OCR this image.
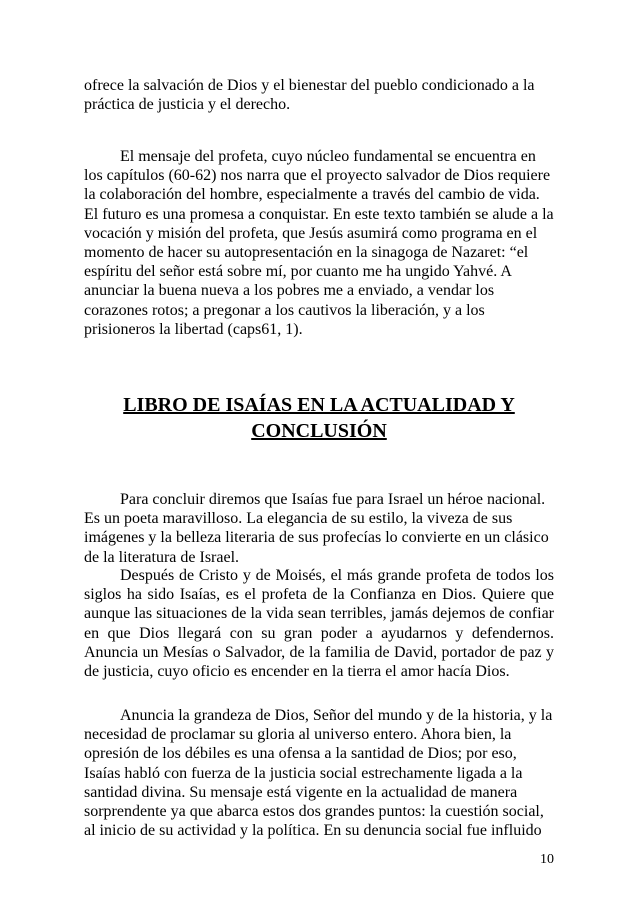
ofrece la salvación de Dios y el bienestar del pueblo condicionado a la práctica de justicia y el derecho.

El mensaje del profeta, cuyo núcleo fundamental se encuentra en los capítulos (60-62) nos narra que el proyecto salvador de Dios requiere la colaboración del hombre, especialmente a través del cambio de vida. El futuro es una promesa a conquistar. En este texto también se alude a la vocación y misión del profeta, que Jesús asumirá como programa en el momento de hacer su autopresentación en la sinagoga de Nazaret: “el espíritu del señor está sobre mí, por cuanto me ha ungido Yahvé. A anunciar la buena nueva a los pobres me a enviado, a vendar los corazones rotos; a pregonar a los cautivos la liberación, y a los prisioneros la libertad (caps61, 1).

LIBRO DE ISAÍAS EN LA ACTUALIDAD Y
CONCLUSIÓN

Para concluir diremos que Isaías fue para Israel un héroe nacional. Es un poeta maravilloso. La elegancia de su estilo, la viveza de sus imágenes y la belleza literaria de sus profecías lo convierte en un clásico de la literatura de Israel.

Después de Cristo y de Moisés, el más grande profeta de todos los siglos ha sido Isaías, es el profeta de la Confianza en Dios. Quiere que aunque las situaciones de la vida sean terribles, jamás dejemos de confiar en que Dios llegará con su gran poder a ayudarnos y defendernos. Anuncia un Mesías o Salvador, de la familia de David, portador de paz y de justicia, cuyo oficio es encender en la tierra el amor hacía Dios.

Anuncia la grandeza de Dios, Señor del mundo y de la historia, y la necesidad de proclamar su gloria al universo entero. Ahora bien, la opresión de los débiles es una ofensa a la santidad de Dios; por eso, Isaías habló con fuerza de la justicia social estrechamente ligada a la santidad divina. Su mensaje está vigente en la actualidad de manera sorprendente ya que abarca estos dos grandes puntos: la cuestión social, al inicio de su actividad y la política. En su denuncia social fue influido

10
